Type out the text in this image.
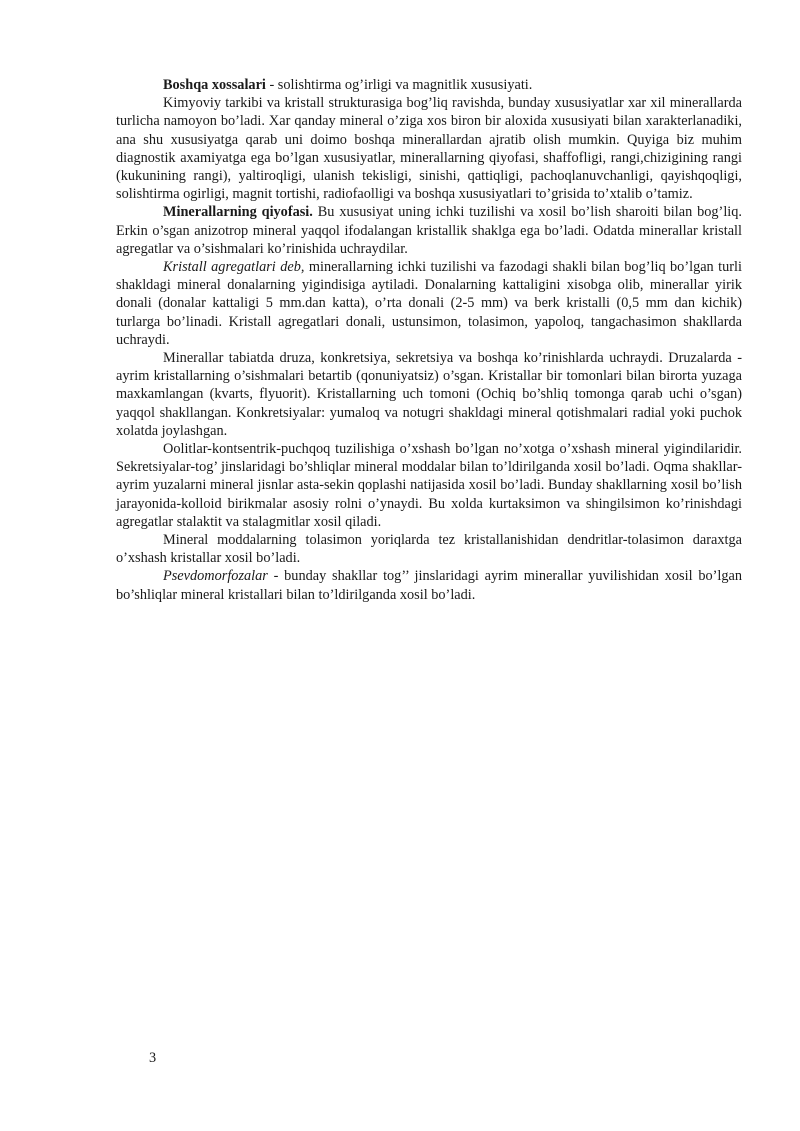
Boshqa xossalari - solishtirma og’irligi va magnitlik xususiyati.

Kimyoviy tarkibi va kristall strukturasiga bog’liq ravishda, bunday xususiyatlar xar xil minerallarda turlicha namoyon bo’ladi. Xar qanday mineral o’ziga xos biron bir aloxida xususiyati bilan xarakterlanadiki, ana shu xususiyatga qarab uni doimo boshqa minerallardan ajratib olish mumkin. Quyiga biz muhim diagnostik axamiyatga ega bo’lgan xususiyatlar, minerallarning qiyofasi, shaffofligi, rangi,chizigining rangi (kukunining rangi), yaltiroqligi, ulanish tekisligi, sinishi, qattiqligi, pachoqlanuvchanligi, qayishqoqligi, solishtirma ogirligi, magnit tortishi, radiofaolligi va boshqa xususiyatlari to’grisida to’xtalib o’tamiz.

Minerallarning qiyofasi. Bu xususiyat uning ichki tuzilishi va xosil bo’lish sharoiti bilan bog’liq. Erkin o’sgan anizotrop mineral yaqqol ifodalangan kristallik shaklga ega bo’ladi. Odatda minerallar kristall agregatlar va o’sishmalari ko’rinishida uchraydilar.

Kristall agregatlari deb, minerallarning ichki tuzilishi va fazodagi shakli bilan bog’liq bo’lgan turli shakldagi mineral donalarning yigindisiga aytiladi. Donalarning kattaligini xisobga olib, minerallar yirik donali (donalar kattaligi 5 mm.dan katta), o’rta donali (2-5 mm) va berk kristalli (0,5 mm dan kichik) turlarga bo’linadi. Kristall agregatlari donali, ustunsimon, tolasimon, yapoloq, tangachasimon shakllarda uchraydi.

Minerallar tabiatda druza, konkretsiya, sekretsiya va boshqa ko’rinishlarda uchraydi. Druzalarda - ayrim kristallarning o’sishmalari betartib (qonuniyatsiz) o’sgan. Kristallar bir tomonlari bilan birorta yuzaga maxkamlangan (kvarts, flyuorit). Kristallarning uch tomoni (Ochiq bo’shliq tomonga qarab uchi o’sgan) yaqqol shakllangan. Konkretsiyalar: yumaloq va notugri shakldagi mineral qotishmalari radial yoki puchok xolatda joylashgan.

Oolitlar-kontsentrik-puchqoq tuzilishiga o’xshash bo’lgan no’xotga o’xshash mineral yigindilaridir. Sekretsiyalar-tog’ jinslaridagi bo’shliqlar mineral moddalar bilan to’ldirilganda xosil bo’ladi. Oqma shakllar-ayrim yuzalarni mineral jisnlar asta-sekin qoplashi natijasida xosil bo’ladi. Bunday shakllarning xosil bo’lish jarayonida-kolloid birikmalar asosiy rolni o’ynaydi. Bu xolda kurtaksimon va shingilsimon ko’rinishdagi agregatlar stalaktit va stalagmitlar xosil qiladi.

Mineral moddalarning tolasimon yoriqlarda tez kristallanishidan dendritlar-tolasimon daraxtga o’xshash kristallar xosil bo’ladi.

Psevdomorfozalar - bunday shakllar tog’’ jinslaridagi ayrim minerallar yuvilishidan xosil bo’lgan bo’shliqlar mineral kristallari bilan to’ldirilganda xosil bo’ladi.

3
